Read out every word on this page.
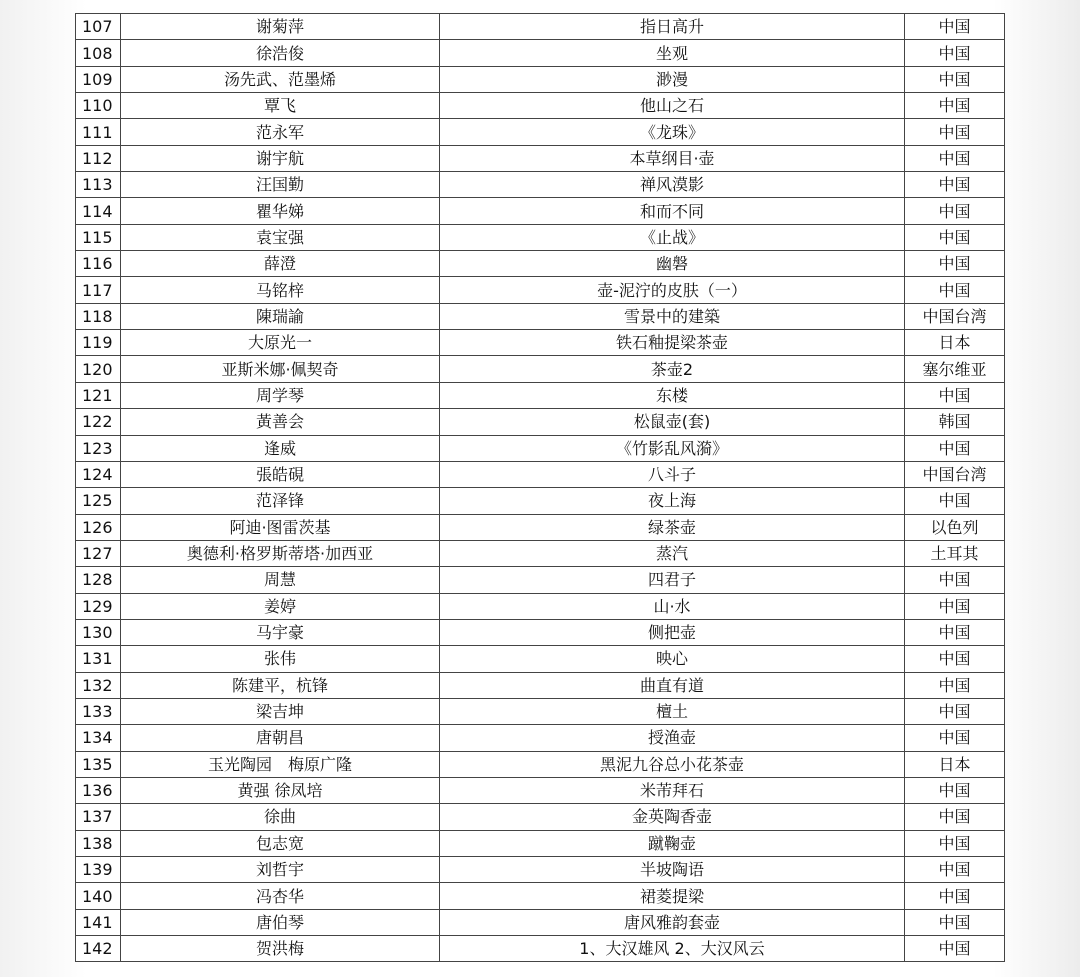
107	谢菊萍	指日高升	中国
108	徐浩俊	坐观	中国
109	汤先武、范墨烯	渺漫	中国
110	覃飞	他山之石	中国
111	范永军	《龙珠》	中国
112	谢宇航	本草纲目·壶	中国
113	汪国勤	禅风漠影	中国
114	瞿华娣	和而不同	中国
115	袁宝强	《止战》	中国
116	薛澄	幽磐	中国
117	马铭梓	壶-泥泞的皮肤（一）	中国
118	陳瑞諭	雪景中的建築	中国台湾
119	大原光一	铁石釉提梁茶壶	日本
120	亚斯米娜·佩契奇	茶壶2	塞尔维亚
121	周学琴	东楼	中国
122	黃善会	松鼠壶(套)	韩国
123	逢威	《竹影乱风漪》	中国
124	張皓硯	八斗子	中国台湾
125	范泽锋	夜上海	中国
126	阿迪·图雷茨基	绿茶壶	以色列
127	奥德利·格罗斯蒂塔·加西亚	蒸汽	土耳其
128	周慧	四君子	中国
129	姜婷	山·水	中国
130	马宇豪	侧把壶	中国
131	张伟	映心	中国
132	陈建平，杭锋	曲直有道	中国
133	梁吉坤	檀土	中国
134	唐朝昌	授渔壶	中国
135	玉光陶园　梅原广隆	黑泥九谷总小花茶壶	日本
136	黄强 徐凤培	米芾拜石	中国
137	徐曲	金英陶香壶	中国
138	包志宽	蹴鞠壶	中国
139	刘哲宇	半坡陶语	中国
140	冯杏华	裙菱提梁	中国
141	唐伯琴	唐风雅韵套壶	中国
142	贺洪梅	1、大汉雄风 2、大汉风云	中国
